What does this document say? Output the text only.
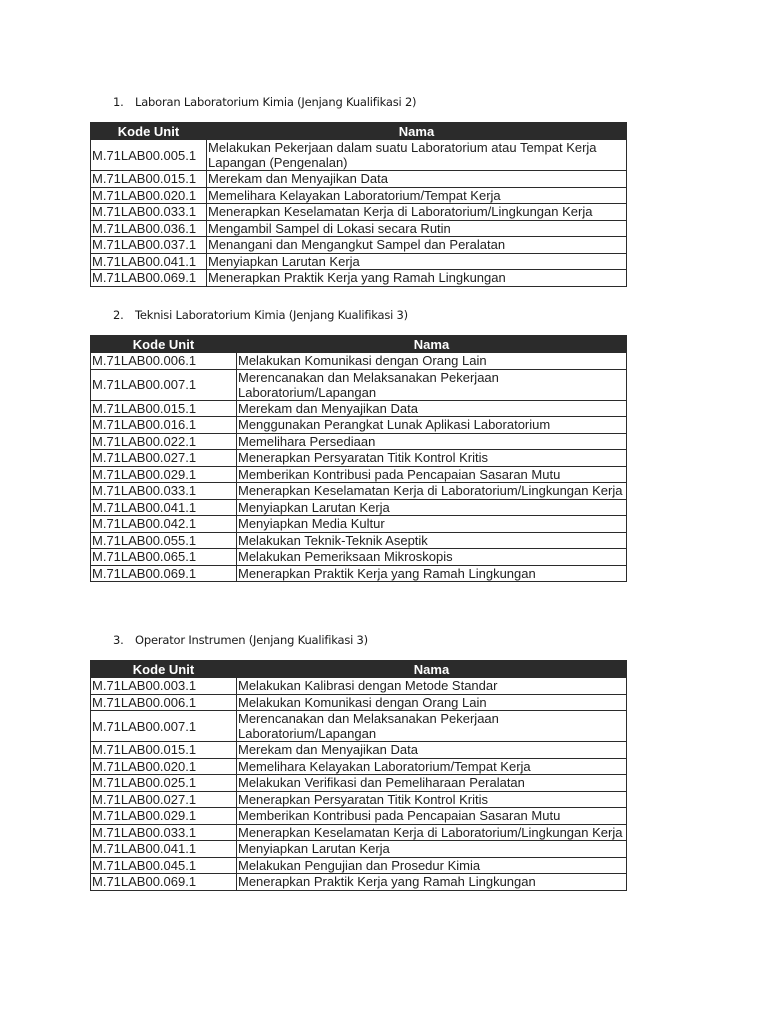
1. Laboran Laboratorium Kimia (Jenjang Kualifikasi 2)

Kode Unit	Nama
M.71LAB00.005.1	Melakukan Pekerjaan dalam suatu Laboratorium atau Tempat Kerja Lapangan (Pengenalan)
M.71LAB00.015.1	Merekam dan Menyajikan Data
M.71LAB00.020.1	Memelihara Kelayakan Laboratorium/Tempat Kerja
M.71LAB00.033.1	Menerapkan Keselamatan Kerja di Laboratorium/Lingkungan Kerja
M.71LAB00.036.1	Mengambil Sampel di Lokasi secara Rutin
M.71LAB00.037.1	Menangani dan Mengangkut Sampel dan Peralatan
M.71LAB00.041.1	Menyiapkan Larutan Kerja
M.71LAB00.069.1	Menerapkan Praktik Kerja yang Ramah Lingkungan

2. Teknisi Laboratorium Kimia (Jenjang Kualifikasi 3)

Kode Unit	Nama
M.71LAB00.006.1	Melakukan Komunikasi dengan Orang Lain
M.71LAB00.007.1	Merencanakan dan Melaksanakan Pekerjaan Laboratorium/Lapangan
M.71LAB00.015.1	Merekam dan Menyajikan Data
M.71LAB00.016.1	Menggunakan Perangkat Lunak Aplikasi Laboratorium
M.71LAB00.022.1	Memelihara Persediaan
M.71LAB00.027.1	Menerapkan Persyaratan Titik Kontrol Kritis
M.71LAB00.029.1	Memberikan Kontribusi pada Pencapaian Sasaran Mutu
M.71LAB00.033.1	Menerapkan Keselamatan Kerja di Laboratorium/Lingkungan Kerja
M.71LAB00.041.1	Menyiapkan Larutan Kerja
M.71LAB00.042.1	Menyiapkan Media Kultur
M.71LAB00.055.1	Melakukan Teknik-Teknik Aseptik
M.71LAB00.065.1	Melakukan Pemeriksaan Mikroskopis
M.71LAB00.069.1	Menerapkan Praktik Kerja yang Ramah Lingkungan

3. Operator Instrumen (Jenjang Kualifikasi 3)

Kode Unit	Nama
M.71LAB00.003.1	Melakukan Kalibrasi dengan Metode Standar
M.71LAB00.006.1	Melakukan Komunikasi dengan Orang Lain
M.71LAB00.007.1	Merencanakan dan Melaksanakan Pekerjaan Laboratorium/Lapangan
M.71LAB00.015.1	Merekam dan Menyajikan Data
M.71LAB00.020.1	Memelihara Kelayakan Laboratorium/Tempat Kerja
M.71LAB00.025.1	Melakukan Verifikasi dan Pemeliharaan Peralatan
M.71LAB00.027.1	Menerapkan Persyaratan Titik Kontrol Kritis
M.71LAB00.029.1	Memberikan Kontribusi pada Pencapaian Sasaran Mutu
M.71LAB00.033.1	Menerapkan Keselamatan Kerja di Laboratorium/Lingkungan Kerja
M.71LAB00.041.1	Menyiapkan Larutan Kerja
M.71LAB00.045.1	Melakukan Pengujian dan Prosedur Kimia
M.71LAB00.069.1	Menerapkan Praktik Kerja yang Ramah Lingkungan
